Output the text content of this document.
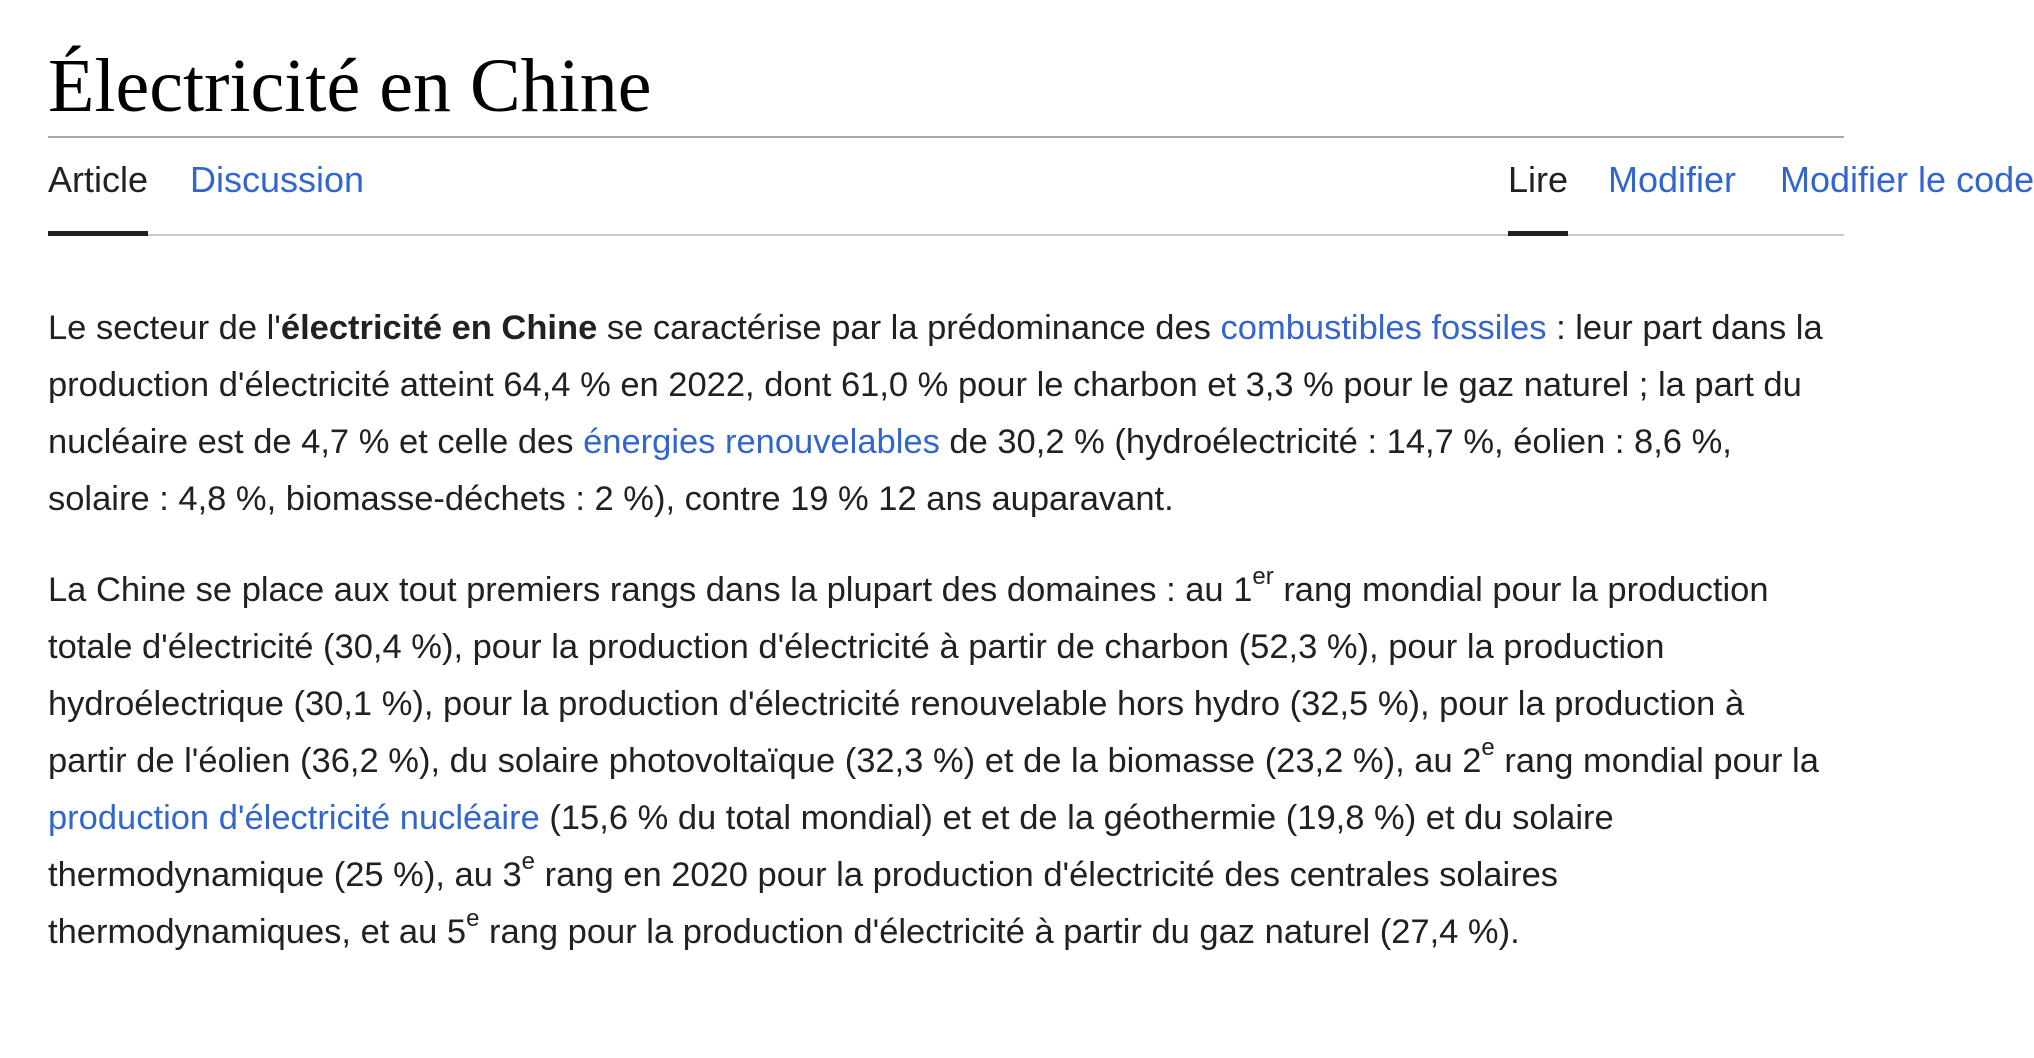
Électricité en Chine
Article Discussion	Lire Modifier Modifier le code

Le secteur de l'électricité en Chine se caractérise par la prédominance des combustibles fossiles : leur part dans la production d'électricité atteint 64,4 % en 2022, dont 61,0 % pour le charbon et 3,3 % pour le gaz naturel ; la part du nucléaire est de 4,7 % et celle des énergies renouvelables de 30,2 % (hydroélectricité : 14,7 %, éolien : 8,6 %, solaire : 4,8 %, biomasse-déchets : 2 %), contre 19 % 12 ans auparavant.

La Chine se place aux tout premiers rangs dans la plupart des domaines : au 1er rang mondial pour la production totale d'électricité (30,4 %), pour la production d'électricité à partir de charbon (52,3 %), pour la production hydroélectrique (30,1 %), pour la production d'électricité renouvelable hors hydro (32,5 %), pour la production à partir de l'éolien (36,2 %), du solaire photovoltaïque (32,3 %) et de la biomasse (23,2 %), au 2e rang mondial pour la production d'électricité nucléaire (15,6 % du total mondial) et et de la géothermie (19,8 %) et du solaire thermodynamique (25 %), au 3e rang en 2020 pour la production d'électricité des centrales solaires thermodynamiques, et au 5e rang pour la production d'électricité à partir du gaz naturel (27,4 %).
